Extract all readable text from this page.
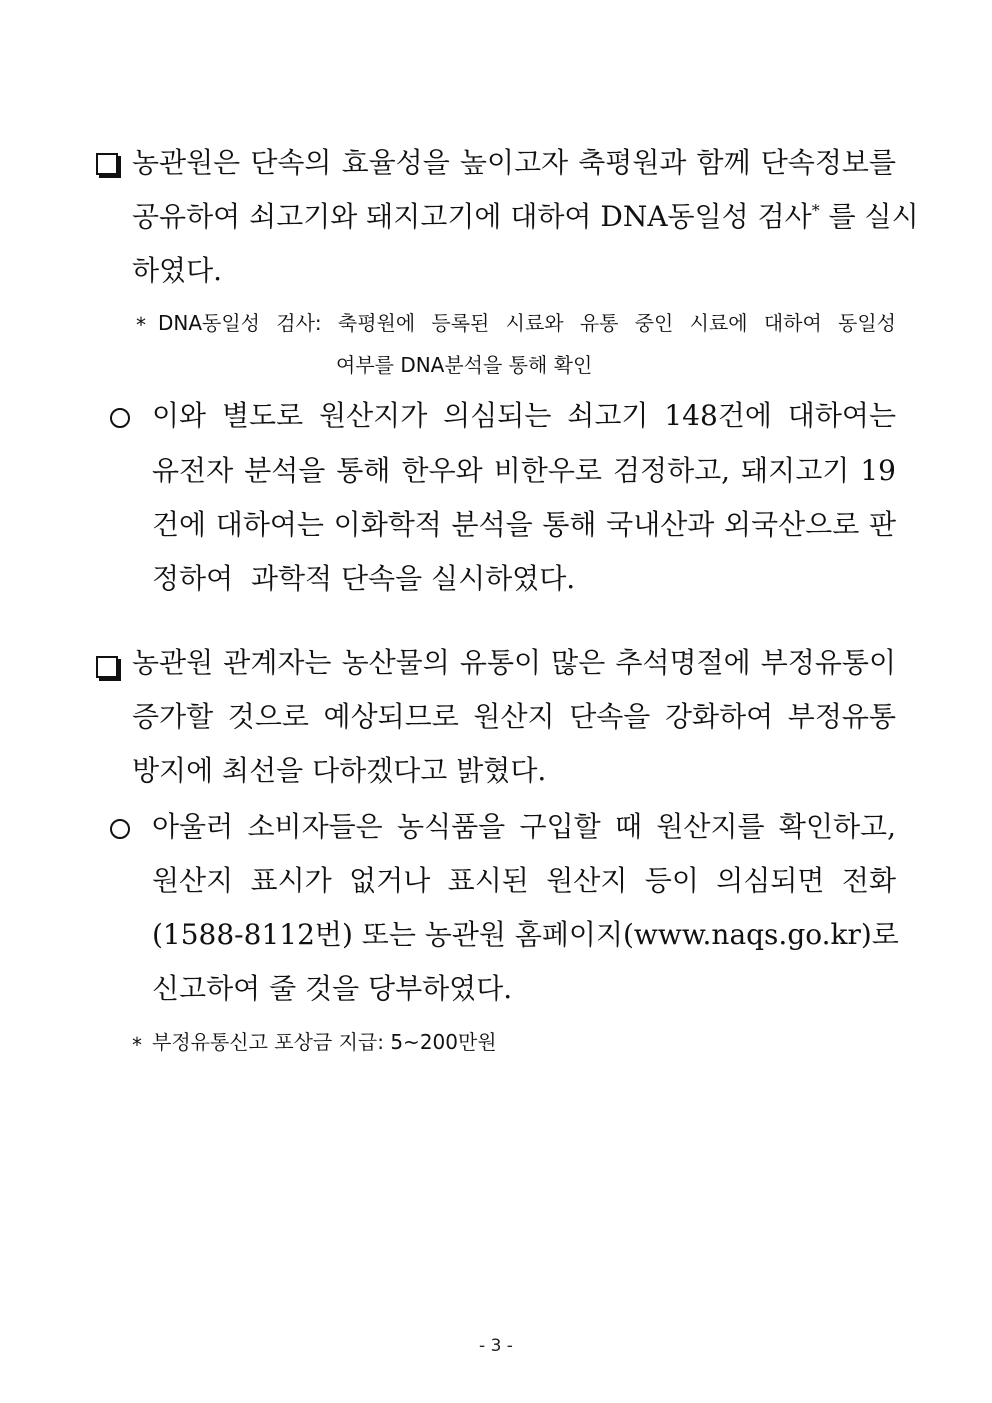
농관원은 단속의 효율성을 높이고자 축평원과 함께 단속정보를
공유하여 쇠고기와 돼지고기에 대하여 DNA동일성 검사* 를 실시
하였다.
* DNA동일성 검사: 축평원에 등록된 시료와 유통 중인 시료에 대하여 동일성
여부를 DNA분석을 통해 확인
이와 별도로 원산지가 의심되는 쇠고기 148건에 대하여는
유전자 분석을 통해 한우와 비한우로 검정하고, 돼지고기 19
건에 대하여는 이화학적 분석을 통해 국내산과 외국산으로 판
정하여  과학적 단속을 실시하였다.
농관원 관계자는 농산물의 유통이 많은 추석명절에 부정유통이
증가할 것으로 예상되므로 원산지 단속을 강화하여 부정유통
방지에 최선을 다하겠다고 밝혔다.
아울러 소비자들은 농식품을 구입할 때 원산지를 확인하고,
원산지 표시가 없거나 표시된 원산지 등이 의심되면 전화
(1588-8112번) 또는 농관원 홈페이지(www.naqs.go.kr)로
신고하여 줄 것을 당부하였다.
* 부정유통신고 포상금 지급: 5~200만원
- 3 -
